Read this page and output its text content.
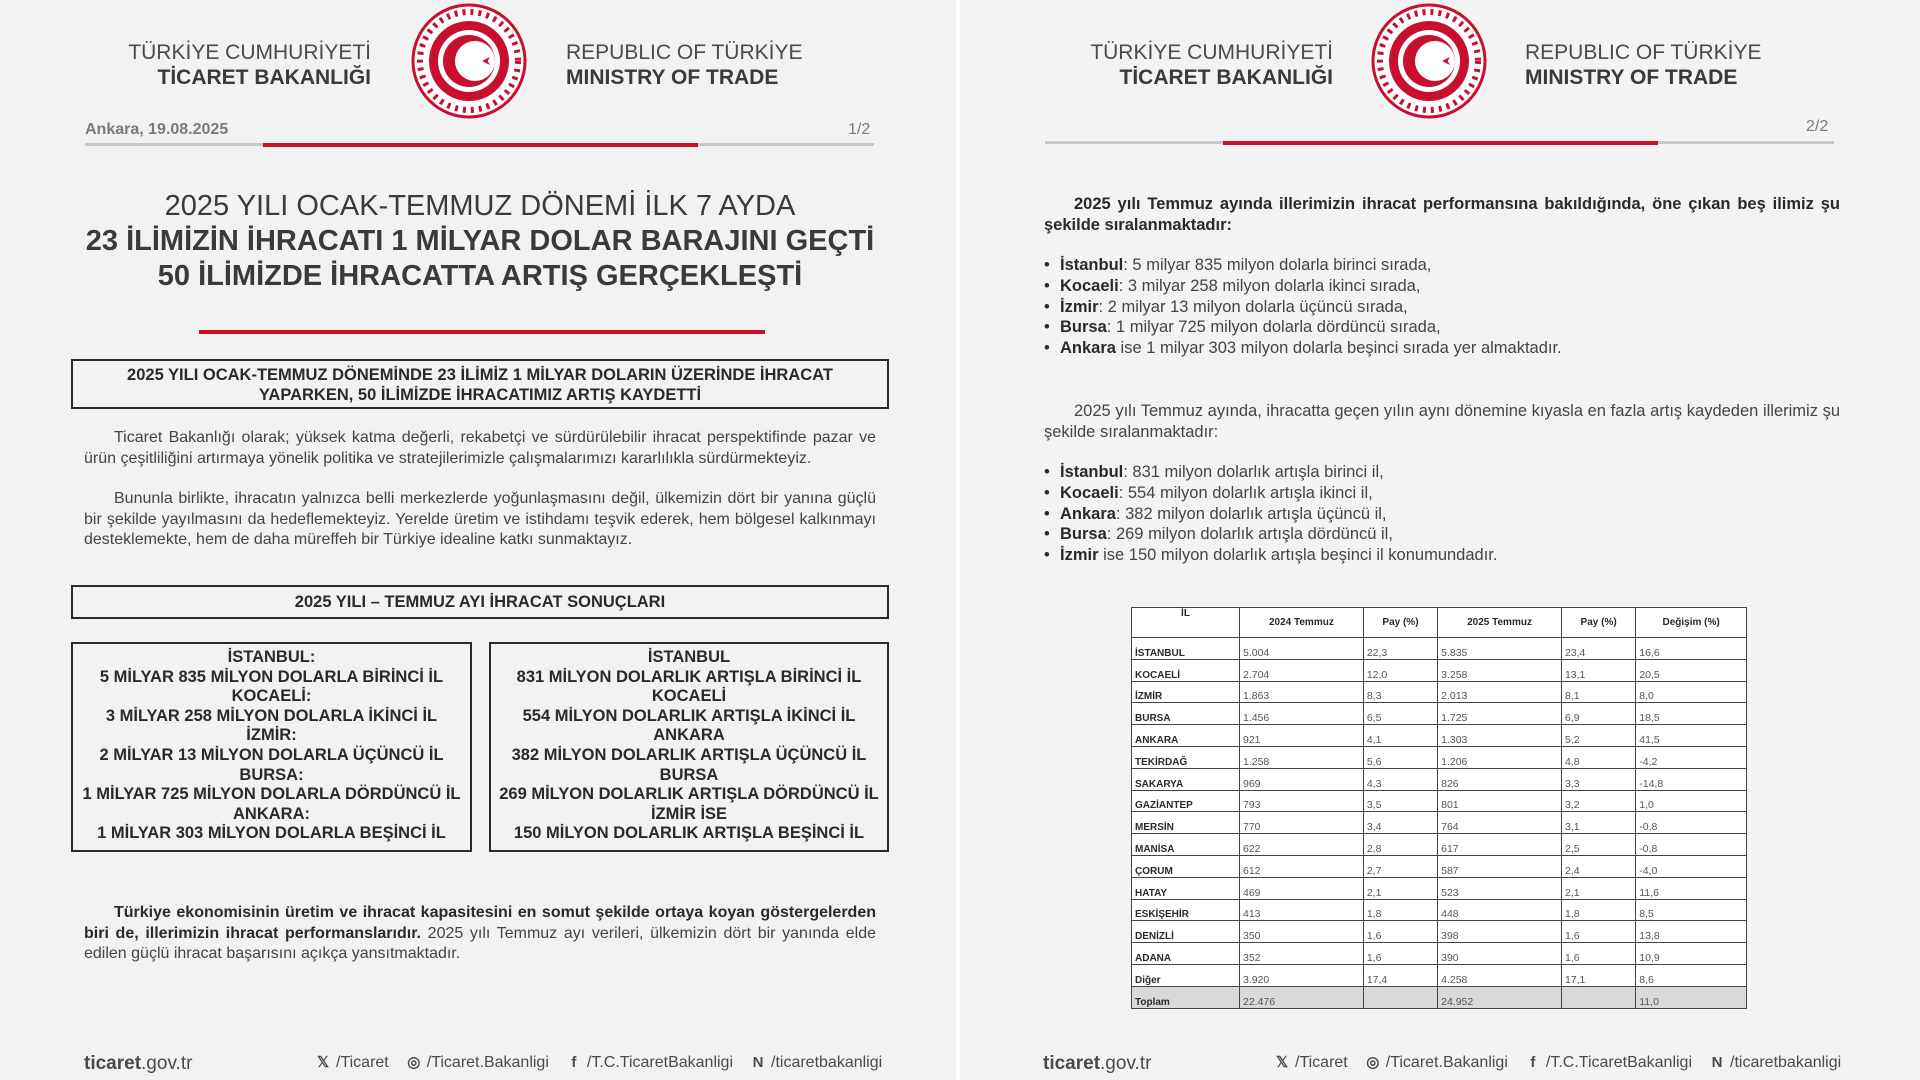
TÜRKİYE CUMHURİYETİ
TİCARET BAKANLIĞI
REPUBLIC OF TÜRKİYE
MINISTRY OF TRADE
Ankara, 19.08.2025	1/2
2025 YILI OCAK-TEMMUZ DÖNEMİ İLK 7 AYDA
23 İLİMİZİN İHRACATI 1 MİLYAR DOLAR BARAJINI GEÇTİ
50 İLİMİZDE İHRACATTA ARTIŞ GERÇEKLEŞTİ
2025 YILI OCAK-TEMMUZ DÖNEMİNDE 23 İLİMİZ 1 MİLYAR DOLARIN ÜZERİNDE İHRACAT
YAPARKEN, 50 İLİMİZDE İHRACATIMIZ ARTIŞ KAYDETTİ
Ticaret Bakanlığı olarak; yüksek katma değerli, rekabetçi ve sürdürülebilir ihracat perspektifinde pazar ve ürün çeşitliliğini artırmaya yönelik politika ve stratejilerimizle çalışmalarımızı kararlılıkla sürdürmekteyiz.
Bununla birlikte, ihracatın yalnızca belli merkezlerde yoğunlaşmasını değil, ülkemizin dört bir yanına güçlü bir şekilde yayılmasını da hedeflemekteyiz. Yerelde üretim ve istihdamı teşvik ederek, hem bölgesel kalkınmayı desteklemekte, hem de daha müreffeh bir Türkiye idealine katkı sunmaktayız.
2025 YILI – TEMMUZ AYI İHRACAT SONUÇLARI
İSTANBUL:
5 MİLYAR 835 MİLYON DOLARLA BİRİNCİ İL
KOCAELİ:
3 MİLYAR 258 MİLYON DOLARLA İKİNCİ İL
İZMİR:
2 MİLYAR 13 MİLYON DOLARLA ÜÇÜNCÜ İL
BURSA:
1 MİLYAR 725 MİLYON DOLARLA DÖRDÜNCÜ İL
ANKARA:
1 MİLYAR 303 MİLYON DOLARLA BEŞİNCİ İL
İSTANBUL
831 MİLYON DOLARLIK ARTIŞLA BİRİNCİ İL
KOCAELİ
554 MİLYON DOLARLIK ARTIŞLA İKİNCİ İL
ANKARA
382 MİLYON DOLARLIK ARTIŞLA ÜÇÜNCÜ İL
BURSA
269 MİLYON DOLARLIK ARTIŞLA DÖRDÜNCÜ İL
İZMİR İSE
150 MİLYON DOLARLIK ARTIŞLA BEŞİNCİ İL
Türkiye ekonomisinin üretim ve ihracat kapasitesini en somut şekilde ortaya koyan göstergelerden biri de, illerimizin ihracat performanslarıdır. 2025 yılı Temmuz ayı verileri, ülkemizin dört bir yanında elde edilen güçlü ihracat başarısını açıkça yansıtmaktadır.
ticaret.gov.tr	𝕏 /Ticaret ◎ /Ticaret.Bakanligi	f /T.C.TicaretBakanligi N /ticaretbakanligi
TÜRKİYE CUMHURİYETİ
TİCARET BAKANLIĞI
REPUBLIC OF TÜRKİYE
MINISTRY OF TRADE
2/2
2025 yılı Temmuz ayında illerimizin ihracat performansına bakıldığında, öne çıkan beş ilimiz şu şekilde sıralanmaktadır:
• İstanbul: 5 milyar 835 milyon dolarla birinci sırada,
• Kocaeli: 3 milyar 258 milyon dolarla ikinci sırada,
• İzmir: 2 milyar 13 milyon dolarla üçüncü sırada,
• Bursa: 1 milyar 725 milyon dolarla dördüncü sırada,
• Ankara ise 1 milyar 303 milyon dolarla beşinci sırada yer almaktadır.
2025 yılı Temmuz ayında, ihracatta geçen yılın aynı dönemine kıyasla en fazla artış kaydeden illerimiz şu şekilde sıralanmaktadır:
• İstanbul: 831 milyon dolarlık artışla birinci il,
• Kocaeli: 554 milyon dolarlık artışla ikinci il,
• Ankara: 382 milyon dolarlık artışla üçüncü il,
• Bursa: 269 milyon dolarlık artışla dördüncü il,
• İzmir ise 150 milyon dolarlık artışla beşinci il konumundadır.
İL	2024 Temmuz	Pay (%)	2025 Temmuz	Pay (%)	Değişim (%)
İSTANBUL	5.004	22,3	5.835	23,4	16,6
KOCAELİ	2.704	12,0	3.258	13,1	20,5
İZMİR	1.863	8,3	2.013	8,1	8,0
BURSA	1.456	6,5	1.725	6,9	18,5
ANKARA	921	4,1	1.303	5,2	41,5
TEKİRDAĞ	1.258	5,6	1.206	4,8	-4,2
SAKARYA	969	4,3	826	3,3	-14,8
GAZİANTEP	793	3,5	801	3,2	1,0
MERSİN	770	3,4	764	3,1	-0,8
MANİSA	622	2,8	617	2,5	-0,8
ÇORUM	612	2,7	587	2,4	-4,0
HATAY	469	2,1	523	2,1	11,6
ESKİŞEHİR	413	1,8	448	1,8	8,5
DENİZLİ	350	1,6	398	1,6	13,8
ADANA	352	1,6	390	1,6	10,9
Diğer	3.920	17,4	4.258	17,1	8,6
Toplam	22.476		24.952		11,0
ticaret.gov.tr	𝕏 /Ticaret ◎ /Ticaret.Bakanligi	f /T.C.TicaretBakanligi N /ticaretbakanligi
